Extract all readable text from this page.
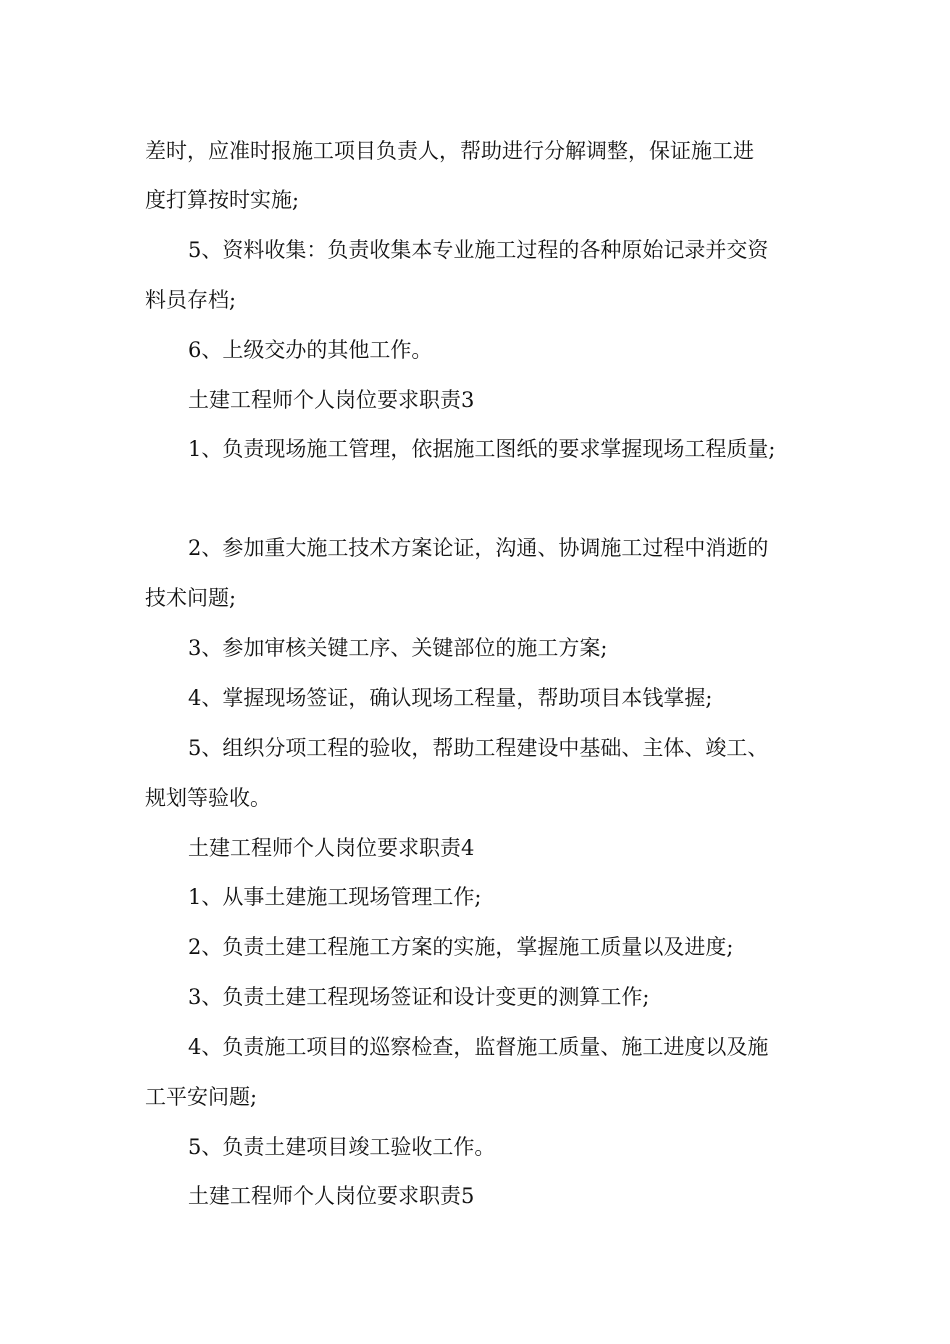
差时，应准时报施工项目负责人，帮助进行分解调整，保证施工进
度打算按时实施;
5、资料收集：负责收集本专业施工过程的各种原始记录并交资
料员存档;
6、上级交办的其他工作。
土建工程师个人岗位要求职责3
1、负责现场施工管理，依据施工图纸的要求掌握现场工程质量;
2、参加重大施工技术方案论证，沟通、协调施工过程中消逝的
技术问题;
3、参加审核关键工序、关键部位的施工方案;
4、掌握现场签证，确认现场工程量，帮助项目本钱掌握;
5、组织分项工程的验收，帮助工程建设中基础、主体、竣工、
规划等验收。
土建工程师个人岗位要求职责4
1、从事土建施工现场管理工作;
2、负责土建工程施工方案的实施，掌握施工质量以及进度;
3、负责土建工程现场签证和设计变更的测算工作;
4、负责施工项目的巡察检查，监督施工质量、施工进度以及施
工平安问题;
5、负责土建项目竣工验收工作。
土建工程师个人岗位要求职责5
